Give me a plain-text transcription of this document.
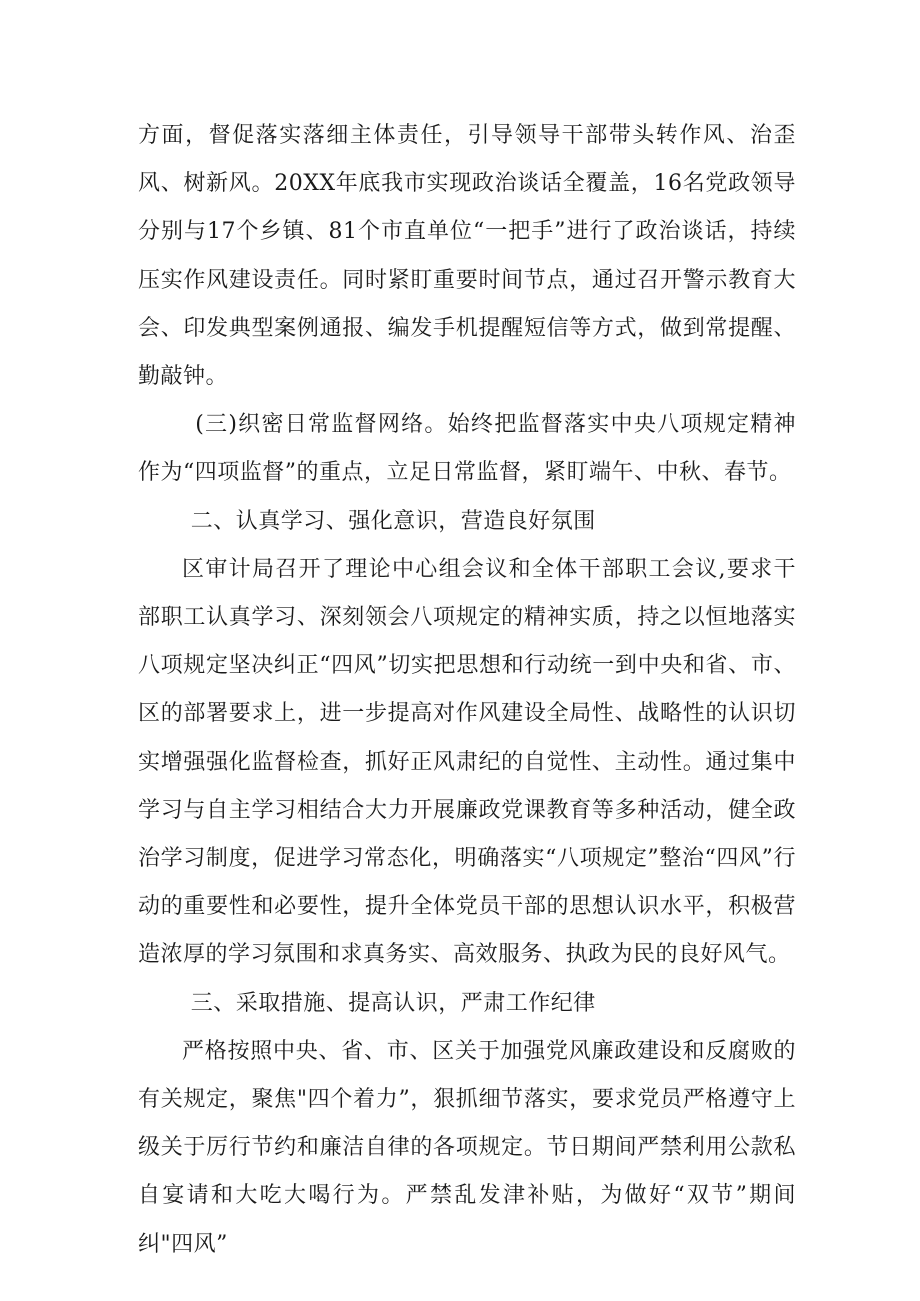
方面，督促落实落细主体责任，引导领导干部带头转作风、治歪风、树新风。20XX年底我市实现政治谈话全覆盖，16名党政领导分别与17个乡镇、81个市直单位“一把手”进行了政治谈话，持续压实作风建设责任。同时紧盯重要时间节点，通过召开警示教育大会、印发典型案例通报、编发手机提醒短信等方式，做到常提醒、勤敲钟。

(三)织密日常监督网络。始终把监督落实中央八项规定精神作为“四项监督”的重点，立足日常监督，紧盯端午、中秋、春节。

二、认真学习、强化意识，营造良好氛围

区审计局召开了理论中心组会议和全体干部职工会议,要求干部职工认真学习、深刻领会八项规定的精神实质，持之以恒地落实八项规定坚决纠正“四风”切实把思想和行动统一到中央和省、市、区的部署要求上，进一步提高对作风建设全局性、战略性的认识切实增强强化监督检查，抓好正风肃纪的自觉性、主动性。通过集中学习与自主学习相结合大力开展廉政党课教育等多种活动，健全政治学习制度，促进学习常态化，明确落实“八项规定”整治“四风”行动的重要性和必要性，提升全体党员干部的思想认识水平，积极营造浓厚的学习氛围和求真务实、高效服务、执政为民的良好风气。

三、采取措施、提高认识，严肃工作纪律

严格按照中央、省、市、区关于加强党风廉政建设和反腐败的有关规定，聚焦"四个着力”，狠抓细节落实，要求党员严格遵守上级关于厉行节约和廉洁自律的各项规定。节日期间严禁利用公款私自宴请和大吃大喝行为。严禁乱发津补贴，为做好“双节”期间纠"四风”
